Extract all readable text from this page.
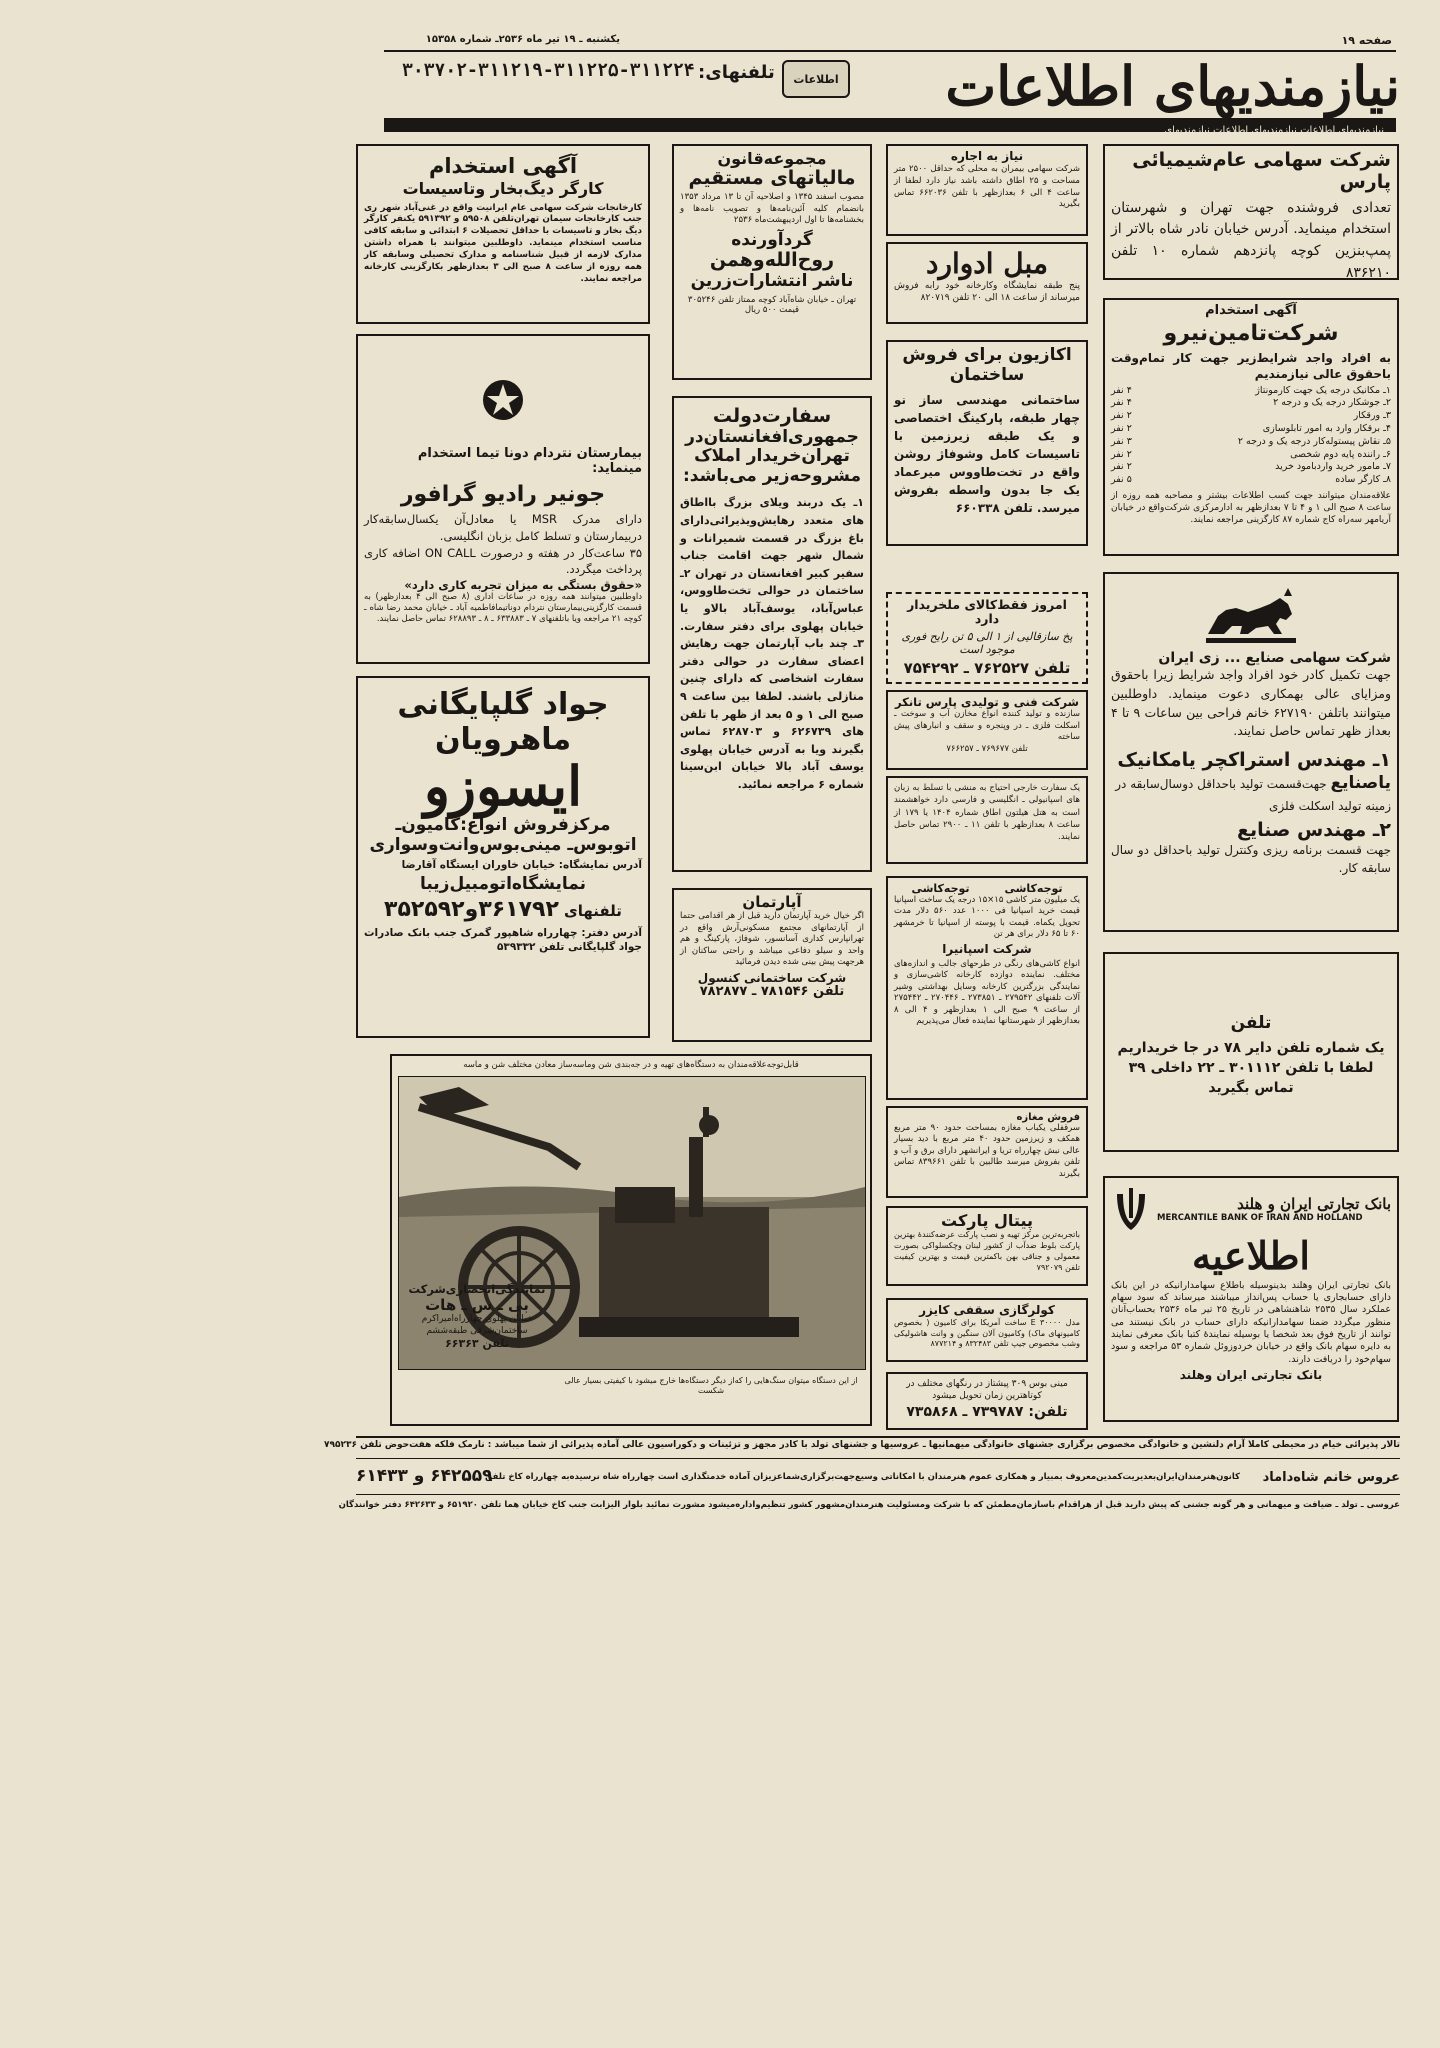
صفحه ۱۹
یکشنبه ـ ۱۹ تیر ماه ۲۵۳۶ـ شماره ۱۵۳۵۸
نیازمندیهای اطلاعات
اطلاعات
تلفنهای:
۳۰۳۷۰۲-۳۱۱۲۱۹-۳۱۱۲۲۵-۳۱۱۲۲۴
نیازمندیهای اطلاعات نیازمندیهای اطلاعات نیازمندیهای
شرکت سهامی عام‌شیمیائی پارس
تعدادی فروشنده جهت تهران و شهرستان استخدام مینماید. آدرس خیابان نادر شاه بالاتر از پمپ‌بنزین کوچه پانزدهم شماره ۱۰ تلفن ۸۳۶۲۱۰
آگهی استخدام
شرکت‌تامین‌نیرو
به افراد واجد شرایط‌زیر جهت‌ کار تمام‌وقت باحقوق عالی نیازمندیم
۱ـ مکانیک درجه یک جهت کارمونتاژ
۴ نفر
۲ـ جوشکار درجه یک و درجه ۲
۴ نفر
۳ـ ورقکار
۲ نفر
۴ـ برقکار وارد به امور تابلوسازی
۲ نفر
۵ـ نقاش پیستوله‌کار درجه یک و درجه ۲
۳ نفر
۶ـ راننده پایه دوم شخصی
۲ نفر
۷ـ مامور خرید واردبامود خرید
۲ نفر
۸ـ کارگر ساده
۵ نفر
علاقه‌مندان میتوانند جهت کسب اطلاعات بیشتر و مصاحبه همه روزه از ساعت ۸ صبح الی ۱ و ۴ تا ۷ بعدازظهر به ادارمرکزی شرکت‌واقع در خیابان آریامهر سه‌راه کاج شماره ۸۷ کارگزینی مراجعه نمایند.
شرکت سهامی صنایع ... زی ایران
جهت تکمیل کادر خود افراد واجد شرایط زیرا باحقوق ومزایای عالی بهمکاری دعوت مینماید. داوطلبین میتوانند باتلفن ۶۲۷۱۹۰ خانم فراحی بین ساعات ۹ تا ۴ بعداز ظهر تماس حاصل نمایند.
۱ـ مهندس استراکچر یامکانیک
یاصنایع جهت‌قسمت تولید باحداقل دوسال‌سابقه در زمینه تولید اسکلت فلزی
۲ـ مهندس صنایع
جهت قسمت برنامه ریزی وکنترل تولید باحداقل دو سال سابقه کار.
تلفن
یک شماره تلفن دایر ۷۸ در جا خریداریم لطفا با تلفن ۳۰۱۱۱۲ ـ ۲۲ داخلی ۳۹ تماس بگیرید
بانک تجارتی ایران و هلند
MERCANTILE BANK OF IRAN AND HOLLAND
اطلاعیه
بانک تجارتی ایران وهلند بدینوسیله باطلاع سهامدارانیکه در این بانک دارای حسابجاری یا حساب پس‌انداز میباشند میرساند که سود سهام عملکرد سال ۲۵۳۵ شاهنشاهی در تاریخ ۲۵ تیر ماه ۲۵۳۶ بحساب‌آنان منظور میگردد ضمنا سهامدارانیکه دارای حساب در بانک نیستند می توانند از تاریخ فوق بعد شخصا یا بوسیله نمایندهٔ کتبا بانک معرفی نمایند به دایره سهام بانک واقع در خیابان خردوزوئل شماره ۵۳ مراجعه و سود سهام‌خود را دریافت دارند.
بانک تجارتی ایران وهلند
نیاز به اجاره
شرکت سهامی بیمران به محلی که حداقل ۲۵۰۰ متر مساحت و ۲۵ اطاق داشته باشد نیاز دارد لطفا از ساعت ۴ الی ۶ بعدازظهر با تلفن ۶۶۲۰۳۶ تماس بگیرید
مبل ادوارد
پنج طبقه نمایشگاه وکارخانه خود رابه فروش میرساند از ساعت ۱۸ الی ۲۰ تلفن ۸۲۰۷۱۹
اکازیون برای فروش
ساختمان
ساختمانی مهندسی ساز نو چهار طبقه، پارکینگ اختصاصی و یک طبقه زیرزمین با تاسیسات کامل وشوفاژ روشن واقع در تخت‌طاووس میرعماد یک جا بدون واسطه بفروش میرسد. تلفن ۶۶۰۳۳۸
امروز فقط‌کالای ملخریدار دارد
پخ سازقالیی از ۱ الی ۵ تن رایح فوری موجود است
تلفن ۷۶۲۵۲۷ ـ ۷۵۴۲۹۲
شرکت فنی و تولیدی پارس تانکر
سازنده و تولید کننده انواع مخازن آب و سوخت ـ اسکلت فلزی ـ در وپنجره و سقف و انبارهای پیش ساخته
تلفن ۷۶۹۶۷۷ ـ ۷۶۶۲۵۷
یک سفارت خارجی احتیاج به منشی با تسلط به زبان های اسپانیولی ـ انگلیسی و فارسی دارد خواهشمند است به هتل هیلتون اطاق شماره ۱۴۰۴ یا ۱۷۹ از ساعت ۸ بعدازظهر با تلفن ۱۱ ـ ۲۹۰۰ تماس حاصل نمایند.
توجه‌کاشی
توجه‌کاشی
یک میلیون متر کاشی ۱۵×۱۵ درجه یک ساخت اسپانیا قیمت خرید اسپانیا فی ۱۰۰۰ عدد ۵۶۰ دلار مدت تحویل یکماه. قیمت با پوسته از اسپانیا تا خرمشهر ۶۰ تا ۶۵ دلار برای هر تن
شرکت اسپانیرا
انواع کاشی‌های رنگی در طرحهای جالب و اندازه‌های مختلف. نماینده دوازده کارخانه کاشی‌سازی و نمایندگی بزرگترین کارخانه وسایل بهداشتی وشیر آلات تلفنهای ۲۷۹۵۴۲ ـ ۲۷۳۸۵۱ ـ ۲۷۰۴۴۶ ـ ۲۷۵۴۴۲ از ساعت ۹ صبح الی ۱ بعدازظهر و ۴ الی ۸ بعدازظهر از شهرستانها نماینده فعال می‌پذیریم
فروش مغازه
سرقفلی یکباب مغازه بمساحت حدود ۹۰ متر مربع همکف و زیرزمین حدود ۴۰ متر مربع با دید بسیار عالی نبش چهارراه تریا و ایرانشهر دارای برق و آب و تلفن بفروش میرسد طالبین با تلفن ۸۳۹۶۶۱ تماس بگیرند
پیتال پارکت
باتجربه‌ترین مرکز تهیه و نصب پارکت عرضه‌کنندهٔ بهترین پارکت بلوط ضدآب از کشور لبنان وچکسلواکی بصورت معمولی و جناقی بهن باکمترین قیمت و بهترین کیفیت تلفن ۷۹۲۰۷۹
کولرگازی سقفی کایزر
مدل E ۳۰۰۰۰ ساخت آمریکا برای کامیون ( بخصوص کامیونهای ماک) وکامیون آلان سنگین و وانت هاشولیکی وشب مخصوص جیپ تلفن ۸۳۲۴۸۳ و ۸۷۷۲۱۴
مینی بوس ۳۰۹ پیشتاز در رنگهای مختلف در کوتاهترین زمان تحویل میشود
تلفن: ۷۳۹۷۸۷ ـ ۷۳۵۸۶۸
مجموعه‌قانون
مالیاتهای مستقیم
مصوب اسفند ۱۳۴۵ و اصلاحیه آن تا ۱۳ مرداد ۱۳۵۳ بانضمام کلیه آئین‌نامه‌ها و تصویب نامه‌ها و بخشنامه‌ها تا اول اردیبهشت‌ماه ۲۵۳۶
گردآورنده
روح‌الله‌وهمن
ناشر انتشارات‌زرین
تهران ـ خیابان شاه‌آباد کوچه ممتاز تلفن ۳۰۵۲۴۶
قیمت ۵۰۰ ریال
سفارت‌دولت
جمهوری‌افغانستان‌در
تهران‌خریدار املاک
مشروحه‌زیر می‌باشد:
۱ـ یک دربند ویلای بزرگ بااطاق های متعدد رهایش‌ویذیرائی‌دارای باغ بزرگ در قسمت شمیرانات و شمال شهر جهت اقامت جناب سفیر کبیر افغانستان در تهران ۲ـ ساختمان در حوالی تخت‌طاووس، عباس‌آباد، یوسف‌آباد بالاو یا خیابان پهلوی برای دفتر سفارت. ۳ـ چند باب آپارتمان جهت رهایش اعضای سفارت در حوالی دفتر سفارت اشخاصی که دارای چنین منازلی باشند. لطفا بین ساعت ۹ صبح الی ۱ و ۵ بعد از ظهر با تلفن های ۶۲۶۷۳۹ و ۶۲۸۷۰۳ تماس بگیرند ویا به آدرس خیابان پهلوی یوسف آباد بالا خیابان ابن‌سینا شماره ۶ مراجعه نمائید.
آپارتمان
اگر خیال خرید آپارتمان دارید قبل از هر اقدامی حتما از آپارتمانهای مجتمع مسکونی‌آرش واقع در تهرانپارس کداری آسانسور، شوفاژ، پارکینگ و هم واحد و سیلو دفاعی میباشد و راحتی ساکنان از هرجهت پیش بینی شده دیدن فرمائید
شرکت ساختمانی کنسول
تلفن ۷۸۱۵۴۶ ـ ۷۸۲۸۷۷
آگهی استخدام
کارگر دیگ‌بخار وتاسیسات
کارخانجات شرکت سهامی عام ایرانیت واقع در غنی‌آباد شهر ری جنب کارخانجات سیمان تهران‌تلفن ۵۹۵۰۸ و ۵۹۱۳۹۲ یکنفر کارگر دیگ بخار و تاسیسات با حداقل تحصیلات ۶ ابتدائی و سابقه کافی مناسب استخدام مینماید. داوطلبین میتوانند با همراه داشتن مدارک لازمه از قبیل شناسنامه و مدارک تحصیلی وسابقه کار همه روزه از ساعت ۸ صبح الی ۳ بعدازظهر بکارگزینی کارخانه مراجعه نمایند.
بیمارستان نتردام دونا تیما استخدام مینماید:
جونیر رادیو گرافور
دارای مدرک MSR یا معادل‌آن یکسال‌سابقه‌کار دربیمارستان و تسلط کامل بزبان انگلیسی.
۳۵ ساعت‌کار در هفته و درصورت ON CALL اضافه کاری پرداخت میگردد.
«حقوق بستگی به میزان تجربه کاری دارد»
داوطلبین میتوانند همه روزه در ساعات اداری (۸ صبح الی ۴ بعدازظهر) به قسمت کارگزینی‌بیمارستان نتردام دوناتیمافاطمیه آباد ـ خیابان محمد رضا شاه ـ کوچه ۲۱ مراجعه ویا باتلفنهای ۷ ـ ۶۳۳۸۸۳ ـ ۸ ـ ۶۲۸۸۹۳ تماس حاصل نمایند.
جواد گلپایگانی
ماهرویان
ایسوزو
مرکزفروش انواع:کامیون‌ـ
اتوبوس‌ـ مینی‌بوس‌وانت‌وسواری
آدرس نمایشگاه: خیابان خاوران ایستگاه آقارضا
نمایشگاه‌اتومبیل‌زیبا
تلفنهای ۳۶۱۷۹۲و۳۵۲۵۹۲
آدرس دفتر: چهارراه شاهپور گمرک جنب بانک صادرات جواد گلپایگانی تلفن ۵۳۹۳۳۲
قابل‌توجه‌علاقه‌مندان به دستگاه‌های تهیه‌ و در جه‌بندی شن وماسه‌ساز معادن مختلف شن و ماسه
نمایندگی‌انحصاری‌شرکت
بی ـ س ـ هات
خیابان پهلوی چهارراه‌امیراکرم ساختمان‌شرقی‌ طبقه‌ششم
تلفن ۶۶۳۶۳
از این دستگاه میتوان سنگ‌هایی را که‌از دیگر دستگاه‌ها خارج میشود‌ با کیفیتی بسیار عالی شکست
تالار پذیرائی خیام در محیطی کاملا آرام دلنشین و خانوادگی مخصوص برگزاری جشنهای خانوادگی میهمانیها ـ عروسیها و جشنهای تولد با کادر مجهز و تزئینات و دکوراسیون عالی آماده پذیرائی از شما میباشد : نارمک فلکه هفت‌حوض تلفن ۷۹۵۲۳۶
عروس خانم شاه‌داماد
کانون‌هنرمندان‌ایران‌بعدیریت‌کمدین‌معروف بمبیار و همکاری عموم هنرمندان با امکاناتی وسیع‌جهت‌برگزاری‌شماعزیزان آماده خدمتگذاری است چهارراه شاه نرسیده‌به چهارراه کاخ تلفن
۶۴۲۵۵۹ و ۶۱۴۳۳
عروسی ـ تولد ـ ضیافت و میهمانی و هر گونه جشنی که پیش دارید قبل از هراقدام باسازمان‌مطمئن که با شرکت ومسئولیت هنرمندان‌مشهور کشور تنظیم‌واداره‌میشود مشورت نمائید بلوار الیزابت جنب کاخ خیابان هما تلفن ۶۵۱۹۲۰ و ۶۴۲۶۳۳ دفتر خوانندگان
